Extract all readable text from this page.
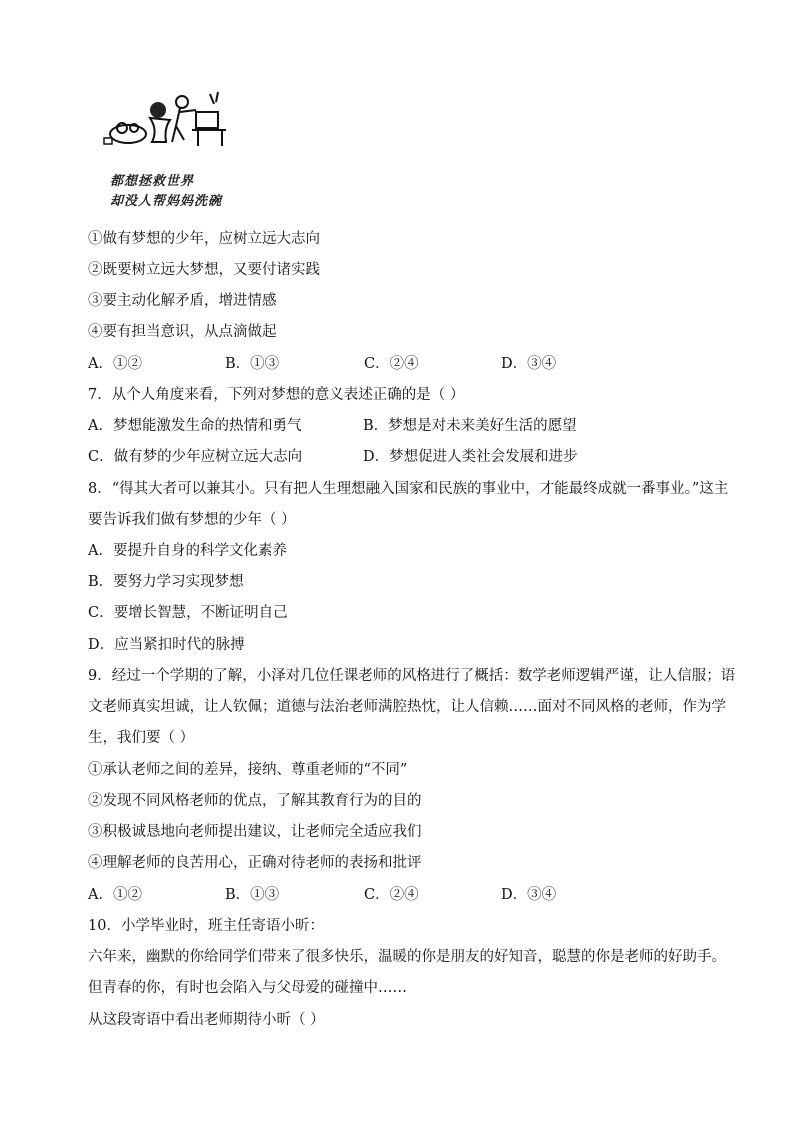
都想拯救世界
却没人帮妈妈洗碗
①做有梦想的少年，应树立远大志向
②既要树立远大梦想，又要付诸实践
③要主动化解矛盾，增进情感
④要有担当意识，从点滴做起
A．①②	B．①③	C．②④	D．③④
7．从个人角度来看，下列对梦想的意义表述正确的是（ ）
A．梦想能激发生命的热情和勇气	B．梦想是对未来美好生活的愿望
C．做有梦的少年应树立远大志向	D．梦想促进人类社会发展和进步
8．“得其大者可以兼其小。只有把人生理想融入国家和民族的事业中，才能最终成就一番事业。”这主
要告诉我们做有梦想的少年（ ）
A．要提升自身的科学文化素养
B．要努力学习实现梦想
C．要增长智慧，不断证明自己
D．应当紧扣时代的脉搏
9．经过一个学期的了解，小泽对几位任课老师的风格进行了概括：数学老师逻辑严谨，让人信服；语
文老师真实坦诚，让人钦佩；道德与法治老师满腔热忱，让人信赖……面对不同风格的老师，作为学
生，我们要（ ）
①承认老师之间的差异，接纳、尊重老师的“不同”
②发现不同风格老师的优点，了解其教育行为的目的
③积极诚恳地向老师提出建议，让老师完全适应我们
④理解老师的良苦用心，正确对待老师的表扬和批评
A．①②	B．①③	C．②④	D．③④
10．小学毕业时，班主任寄语小昕：
六年来，幽默的你给同学们带来了很多快乐，温暖的你是朋友的好知音，聪慧的你是老师的好助手。
但青春的你，有时也会陷入与父母爱的碰撞中……
从这段寄语中看出老师期待小昕（ ）
